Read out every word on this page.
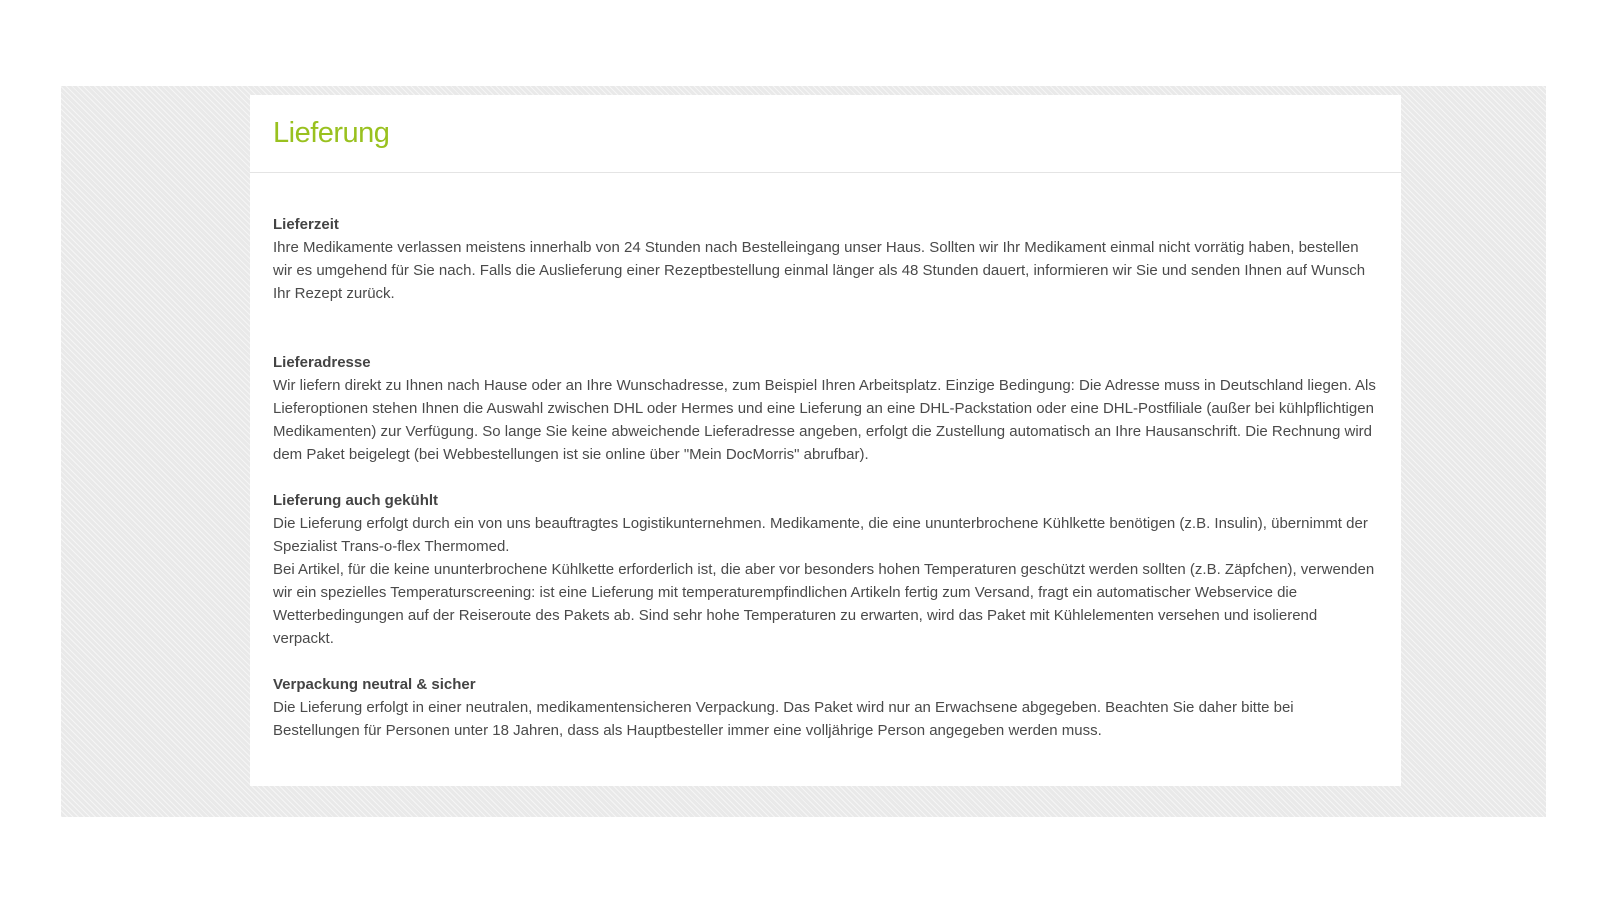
Lieferung

Lieferzeit

Ihre Medikamente verlassen meistens innerhalb von 24 Stunden nach Bestelleingang unser Haus. Sollten wir Ihr Medikament einmal nicht vorrätig haben, bestellen wir es umgehend für Sie nach. Falls die Auslieferung einer Rezeptbestellung einmal länger als 48 Stunden dauert, informieren wir Sie und senden Ihnen auf Wunsch Ihr Rezept zurück.

Lieferadresse

Wir liefern direkt zu Ihnen nach Hause oder an Ihre Wunschadresse, zum Beispiel Ihren Arbeitsplatz. Einzige Bedingung: Die Adresse muss in Deutschland liegen. Als Lieferoptionen stehen Ihnen die Auswahl zwischen DHL oder Hermes und eine Lieferung an eine DHL-Packstation oder eine DHL-Postfiliale (außer bei kühlpflichtigen Medikamenten) zur Verfügung. So lange Sie keine abweichende Lieferadresse angeben, erfolgt die Zustellung automatisch an Ihre Hausanschrift. Die Rechnung wird dem Paket beigelegt (bei Webbestellungen ist sie online über "Mein DocMorris" abrufbar).

Lieferung auch gekühlt

Die Lieferung erfolgt durch ein von uns beauftragtes Logistikunternehmen. Medikamente, die eine ununterbrochene Kühlkette benötigen (z.B. Insulin), übernimmt der Spezialist Trans-o-flex Thermomed.

Bei Artikel, für die keine ununterbrochene Kühlkette erforderlich ist, die aber vor besonders hohen Temperaturen geschützt werden sollten (z.B. Zäpfchen), verwenden wir ein spezielles Temperaturscreening: ist eine Lieferung mit temperaturempfindlichen Artikeln fertig zum Versand, fragt ein automatischer Webservice die Wetterbedingungen auf der Reiseroute des Pakets ab. Sind sehr hohe Temperaturen zu erwarten, wird das Paket mit Kühlelementen versehen und isolierend verpackt.

Verpackung neutral & sicher

Die Lieferung erfolgt in einer neutralen, medikamentensicheren Verpackung. Das Paket wird nur an Erwachsene abgegeben. Beachten Sie daher bitte bei Bestellungen für Personen unter 18 Jahren, dass als Hauptbesteller immer eine volljährige Person angegeben werden muss.
